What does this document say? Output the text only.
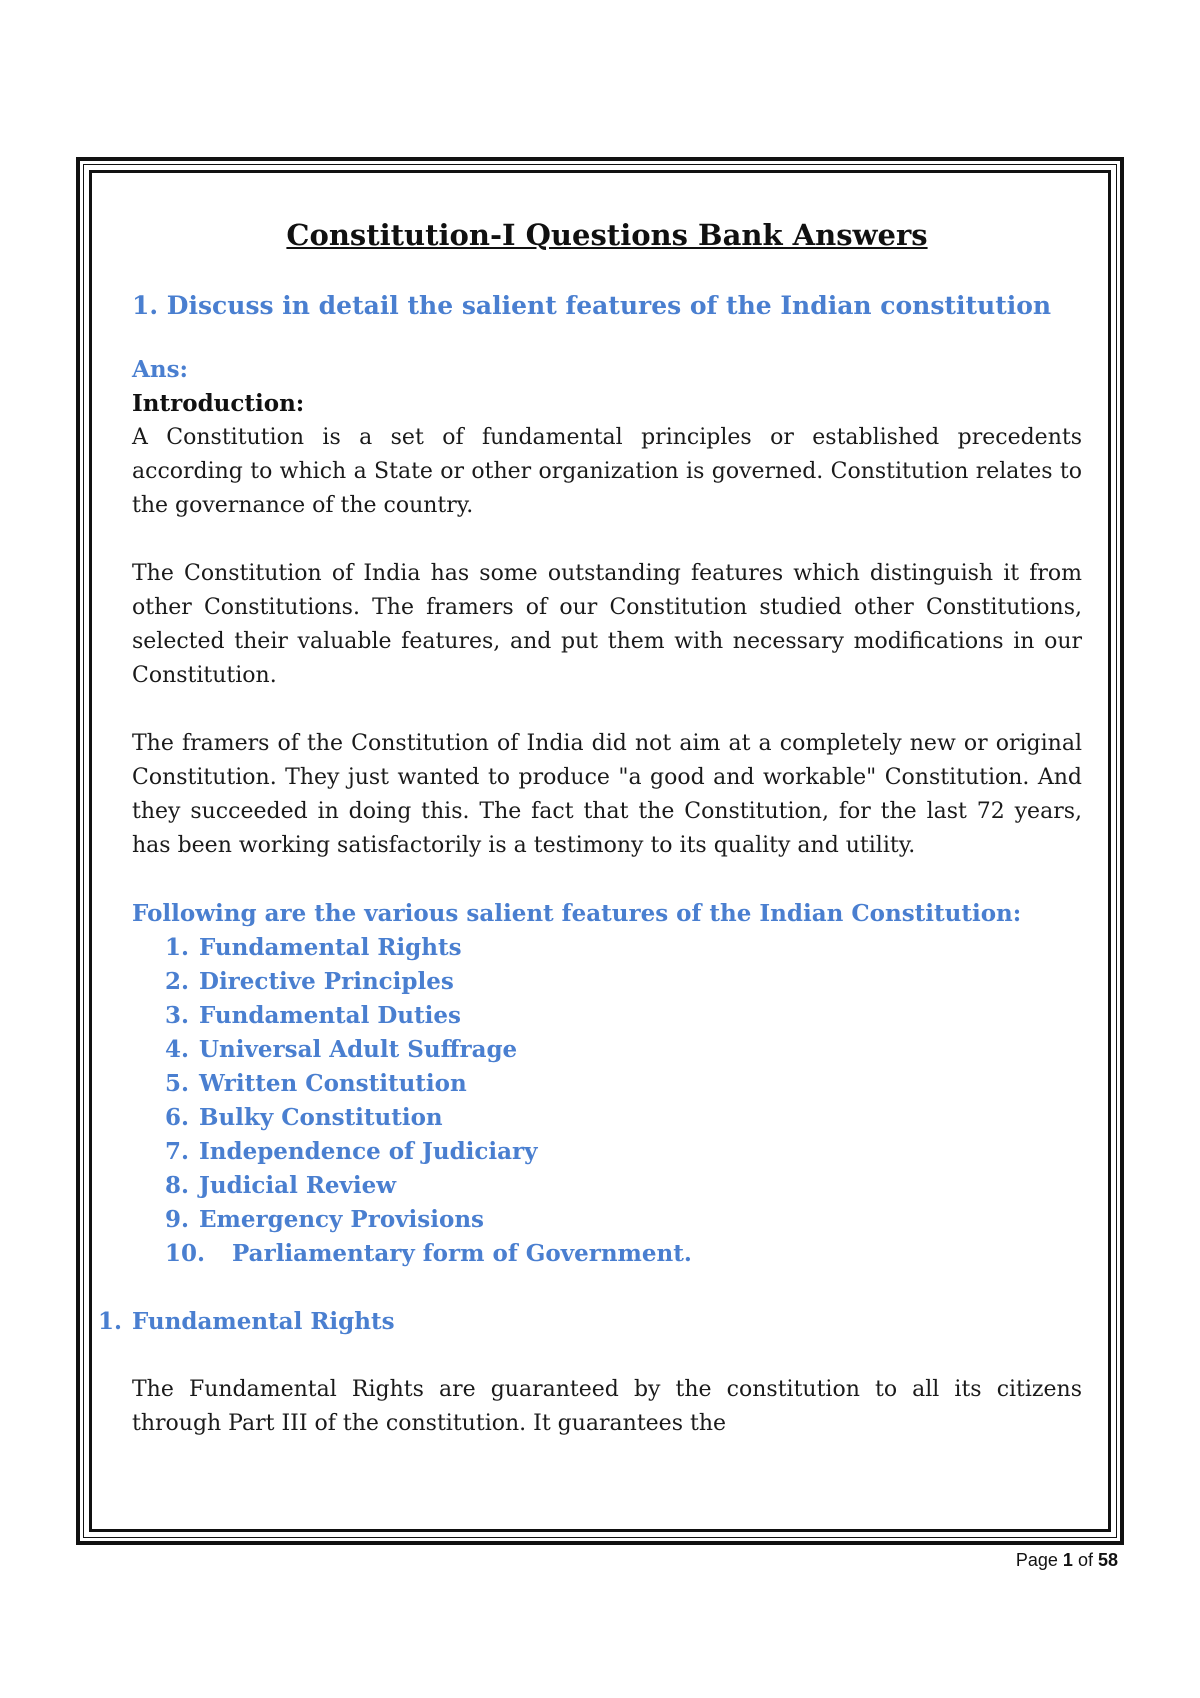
Constitution-I Questions Bank Answers

1. Discuss in detail the salient features of the Indian constitution

Ans:

Introduction:

A Constitution is a set of fundamental principles or established precedents according to which a State or other organization is governed. Constitution relates to the governance of the country.

The Constitution of India has some outstanding features which distinguish it from other Constitutions. The framers of our Constitution studied other Constitutions, selected their valuable features, and put them with necessary modifications in our Constitution.

The framers of the Constitution of India did not aim at a completely new or original Constitution. They just wanted to produce "a good and workable" Constitution. And they succeeded in doing this. The fact that the Constitution, for the last 72 years, has been working satisfactorily is a testimony to its quality and utility.

Following are the various salient features of the Indian Constitution:

1. Fundamental Rights
2. Directive Principles
3. Fundamental Duties
4. Universal Adult Suffrage
5. Written Constitution
6. Bulky Constitution
7. Independence of Judiciary
8. Judicial Review
9. Emergency Provisions
10. Parliamentary form of Government.

1. Fundamental Rights

The Fundamental Rights are guaranteed by the constitution to all its citizens through Part III of the constitution. It guarantees the

Page 1 of 58
